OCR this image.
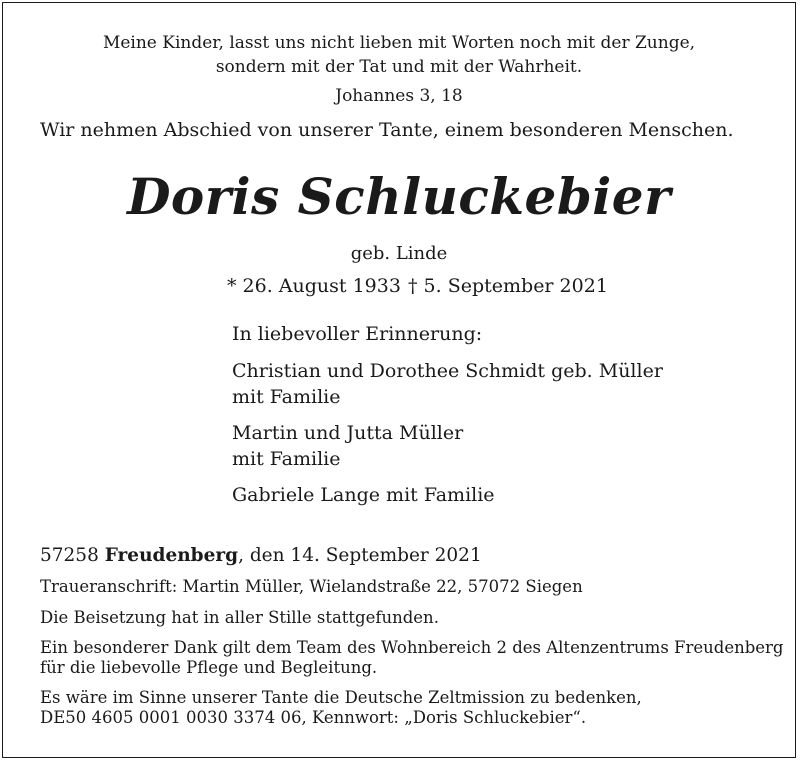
Meine Kinder, lasst uns nicht lieben mit Worten noch mit der Zunge,
sondern mit der Tat und mit der Wahrheit.
Johannes 3, 18
Wir nehmen Abschied von unserer Tante, einem besonderen Menschen.
Doris Schluckebier
geb. Linde
* 26. August 1933 † 5. September 2021
In liebevoller Erinnerung:
Christian und Dorothee Schmidt geb. Müller
mit Familie
Martin und Jutta Müller
mit Familie
Gabriele Lange mit Familie
57258 Freudenberg, den 14. September 2021
Traueranschrift: Martin Müller, Wielandstraße 22, 57072 Siegen
Die Beisetzung hat in aller Stille stattgefunden.
Ein besonderer Dank gilt dem Team des Wohnbereich 2 des Altenzentrums Freudenberg
für die liebevolle Pflege und Begleitung.
Es wäre im Sinne unserer Tante die Deutsche Zeltmission zu bedenken,
DE50 4605 0001 0030 3374 06, Kennwort: „Doris Schluckebier“.
